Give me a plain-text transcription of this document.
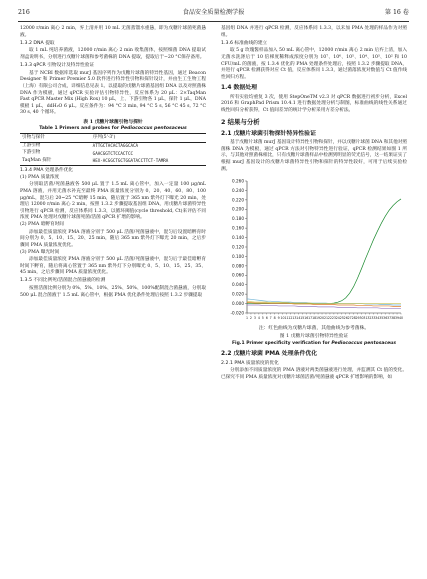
216	食品安全质量检测学报	第 16 卷

12000 r/min 离心 2 min，弃上清并用 10 mL 无菌蒸馏水重悬，即为戊糖片球菌死菌悬液。

1.3.2 DNA 提取

取 1 mL 纯培养菌液，12000 r/min 离心 2 min 收集菌体，按照细菌 DNA 提取试剂盒说明书，分别进行戊糖片球菌和参考菌株的 DNA 提取，提取后于−20 °C保存备用。

1.3.3 qPCR 引物设计及特异性验证

基于 NCBI 数据库选取 murJ 基因序列作为戊糖片球菌的特异性基因，通过 Beacon Designer 和 Primer Premier 5.0 软件进行特异性引物和探针设计，并由生工生物工程（上海）有限公司合成，详细信息见表 1。以提取的戊糖片球菌基因组 DNA 以及对照菌株 DNA 作为模板，通过 qPCR 实验评估引物特异性，反应体系为 20 μL：2×TaqMan Fast qPCR Master Mix (High Rox) 10 μL，上、下游引物各 1 μL，探针 1 μL，DNA 模板 1 μL，ddH₂O 6 μL。反应条件为：94 °C 3 min, 94 °C 5 s, 56 °C 45 s, 72 °C 30 s, 40 个循环。

表 1 戊糖片球菌引物与探针
Table 1 Primers and probes for Pediococcus pentosaceus
引物与探针	序列(5'-3')
上游引物	ATTGCTACACTAGGCACA
下游引物	GAACGGTCTCCACTCC
TaqMan 探针	HEX-ACGGCTGCTGGATACCTTCT-TAMRA
1.3.4 PMA 处理条件优化
(1) PMA 质量浓度

分别取活菌/死菌悬液各 500 μL 置于 1.5 mL 离心管中，加入一定量 100 μg/mL PMA 溶液，并用无菌水补充至最终 PMA 质量浓度分别为 0、20、40、60、80、100 μg/mL，混匀后 20~25 °C暗孵 15 min，随后置于 365 nm 紫外灯下曝光 20 min，处理后 12000 r/min 离心 2 min，按照 1.3.2 步骤提取基因组 DNA，用戊糖片球菌特异性引物进行 qPCR 检测，反应体系同 1.3.3，以循环阈值(cycle threshold, Ct)来评估不同浓度 PMA 处理对戊糖片球菌死菌/活菌 qPCR 扩增的影响。

(2) PMA 暗孵育时间

添加最佳质量浓度 PMA 溶液分别于 500 μL 活菌/死菌悬液中，混匀后设置暗孵育时间分别为 0、5、10、15、20、25 min，随后 365 nm 紫外灯下曝光 20 min，之后步骤同 PMA 质量浓度优化。

(3) PMA 曝光时间

添加最佳质量浓度 PMA 溶液分别于 500 μL 活菌/死菌悬液中，混匀后于最佳暗孵育时间下孵育，随后将离心管置于 365 nm 紫外灯下分别曝光 0、5、10、15、25、35、45 min，之后步骤同 PMA 质量浓度优化。

1.3.5 不同比例死/活菌混合菌悬液的检测

按照活菌比例分别为 0%、5%、10%、25%、50%、100%配制混合菌悬液，分别取 500 μL 混合菌液于 1.5 mL 离心管中，根据 PMA 优化条件处理后按照 1.3.2 步骤提取

基因组 DNA 并进行 qPCR 检测，反应体系同 1.3.3，以未加 PMA 处理的样品作为对照组。

1.3.6 标准曲线的建立

取 5 g 玫瑰酱样品加入 50 mL 离心管中，12000 r/min 离心 2 min 后弃上清，加入无菌水洗涤后于 10 倍梯度稀释成浓度分别为 10⁷、10⁶、10⁵、10⁴、10³、10² 和 10 CFU/mL 的菌液，按 1.3.4 优化的 PMA 处理条件处理后，按照 1.3.2 步骤提取 DNA，并进行 qPCR 检测获得对应 Ct 值，反应体系同 1.3.3，通过菌落浓度对数值与 Ct 值作线性回归方程。

1.4 数据处理

所有实验均重复 3 次，使用 StepOneTM v2.3 对 qPCR 数据进行初步分析，Excel 2016 和 GraphPad Prism 10.4.1 进行数据处理分析与制图，标准曲线的线性关系通过线性回归分析获得，Ct 值间差异的统计学分析采用方差分析法。

2 结果与分析
2.1 戊糖片球菌引物探针特异性验证

基于戊糖片球菌 murJ 基因设计特异性引物和探针，并以戊糖片球菌 DNA 和其他对照菌株 DNA 为模板，通过 qPCR 方法对引物特异性进行验证，qPCR 检测结果如图 1 所示，与其他对照菌株相比，只有戊糖片球菌样品中检测到明显的荧光信号，这一结果证实了根据 murJ 基因设计的戊糖片球菌特异性引物和探针的特异性较好，可用于后续实验检测。

0.260
0.240
0.220
0.200
0.180
0.160
0.140
0.120
0.100
0.080
0.060
0.040
0.020
0.000
-0.020
1 2 3 4 5 6 7 8 9 10 11 12 13 14 15 16 17 18 19 20 21 22 23 24 25 26 27 28 29 30 31 32 33 34 35 36 37 38 39 40
注：红色曲线为戊糖片球菌，其他曲线为参考菌株。
图 1 戊糖片球菌引物特异性验证
Fig.1 Primer specificity verification for Pediococcus pentosaceus
2.2 戊糖片球菌 PMA 处理条件优化
2.2.1 PMA 质量浓度的优化

分别添加不同质量浓度的 PMA 溶液对两类菌悬液进行处理，并监测其 Ct 值的变化。已探究不同 PMA 质量浓度对戊糖片球菌活菌/死菌悬液 qPCR 扩增影响的影响，如
